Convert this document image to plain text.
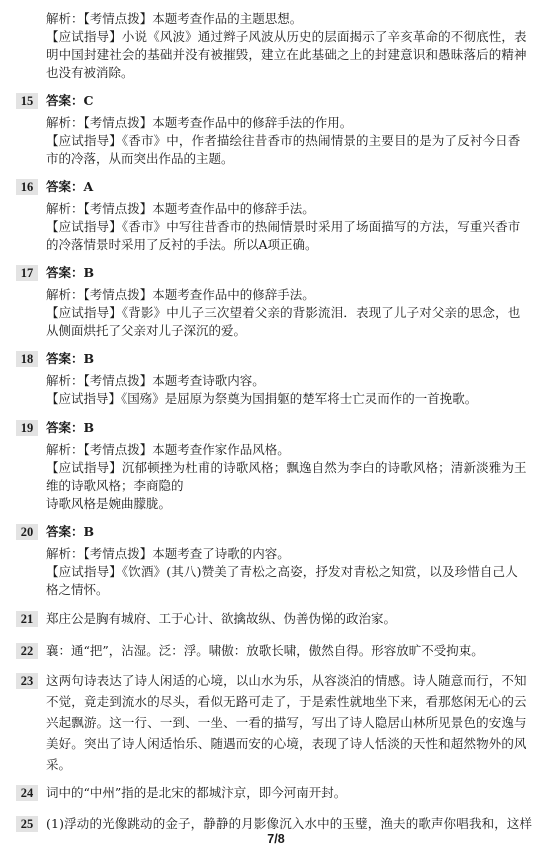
解析：【考情点拨】本题考查作品的主题思想。
【应试指导】小说《风波》通过辫子风波从历史的层面揭示了辛亥革命的不彻底性，表
明中国封建社会的基础并没有被摧毁，建立在此基础之上的封建意识和愚昧落后的精神
也没有被消除。
15	答案：C
解析：【考情点拨】本题考查作品中的修辞手法的作用。
【应试指导】《香市》中，作者描绘往昔香市的热闹情景的主要目的是为了反衬今日香
市的冷落，从而突出作品的主题。
16	答案：A
解析：【考情点拨】本题考查作品中的修辞手法。
【应试指导】《香市》中写往昔香市的热闹情景时采用了场面描写的方法，写重兴香市
的冷落情景时采用了反衬的手法。所以A项正确。
17	答案：B
解析：【考情点拨】本题考查作品中的修辞手法。
【应试指导】《背影》中儿子三次望着父亲的背影流泪．表现了儿子对父亲的思念，也
从侧面烘托了父亲对儿子深沉的爱。
18	答案：B
解析：【考情点拨】本题考查诗歌内容。
【应试指导】《国殇》是屈原为祭奠为国捐躯的楚军将士亡灵而作的一首挽歌。
19	答案：B
解析：【考情点拨】本题考查作家作品风格。
【应试指导】沉郁顿挫为杜甫的诗歌风格；飘逸自然为李白的诗歌风格；清新淡雅为王
维的诗歌风格；李商隐的
诗歌风格是婉曲朦胧。
20	答案：B
解析：【考情点拨】本题考查了诗歌的内容。
【应试指导】《饮酒》(其八)赞美了青松之高姿，抒发对青松之知赏，以及珍惜自己人
格之情怀。
21	郑庄公是胸有城府、工于心计、欲擒故纵、伪善伪悌的政治家。
22	襄：通“把”，沾湿。泛：浮。啸傲：放歌长啸，傲然自得。形容放旷不受拘束。
23	这两句诗表达了诗人闲适的心境，以山水为乐，从容淡泊的情感。诗人随意而行，不知
不觉，竟走到流水的尽头，看似无路可走了，于是索性就地坐下来，看那悠闲无心的云
兴起飘游。这一行、一到、一坐、一看的描写，写出了诗人隐居山林所见景色的安逸与
美好。突出了诗人闲适怡乐、随遇而安的心境，表现了诗人恬淡的天性和超然物外的风
采。
24	词中的“中州”指的是北宋的都城汴京，即今河南开封。
25	(1)浮动的光像跳动的金子，静静的月影像沉入水中的玉璧，渔夫的歌声你唱我和，这样
7/8
